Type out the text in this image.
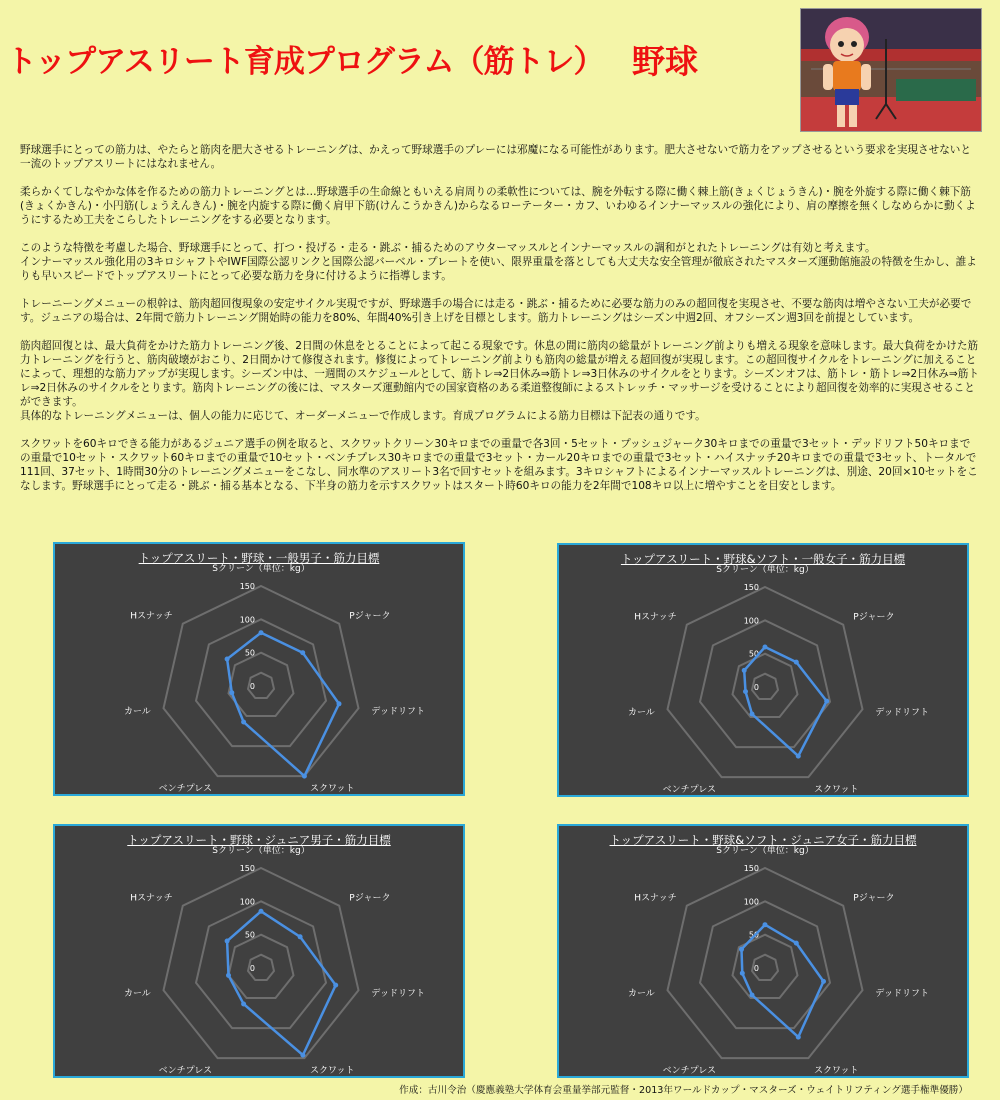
トップアスリート育成プログラム（筋トレ） 野球

野球選手にとっての筋力は、やたらと筋肉を肥大させるトレーニングは、かえって野球選手のプレーには邪魔になる可能性があります。肥大させないで筋力をアップさせるという要求を実現させないと一流のトップアスリートにはなれません。

柔らかくてしなやかな体を作るための筋力トレーニングとは…野球選手の生命線ともいえる肩周りの柔軟性については、腕を外転する際に働く棘上筋(きょくじょうきん)・腕を外旋する際に働く棘下筋(きょくかきん)・小円筋(しょうえんきん)・腕を内旋する際に働く肩甲下筋(けんこうかきん)からなるローテーター・カフ、いわゆるインナーマッスルの強化により、肩の摩擦を無くしなめらかに動くようにするため工夫をこらしたトレーニングをする必要となります。

このような特徴を考慮した場合、野球選手にとって、打つ・投げる・走る・跳ぶ・捕るためのアウターマッスルとインナーマッスルの調和がとれたトレーニングは有効と考えます。

インナーマッスル強化用の3キロシャフトやIWF国際公認リンクと国際公認バーベル・プレートを使い、限界重量を落としても大丈夫な安全管理が徹底されたマスターズ運動館施設の特徴を生かし、誰よりも早いスピードでトップアスリートにとって必要な筋力を身に付けるように指導します。

トレーニーングメニューの根幹は、筋肉超回復現象の安定サイクル実現ですが、野球選手の場合には走る・跳ぶ・捕るために必要な筋力のみの超回復を実現させ、不要な筋肉は増やさない工夫が必要です。ジュニアの場合は、2年間で筋力トレーニング開始時の能力を80%、年間40%引き上げを目標とします。筋力トレーニングはシーズン中週2回、オフシーズン週3回を前提としています。

筋肉超回復とは、最大負荷をかけた筋力トレーニング後、2日間の休息をとることによって起こる現象です。休息の間に筋肉の総量がトレーニング前よりも増える現象を意味します。最大負荷をかけた筋力トレーニングを行うと、筋肉破壊がおこり、2日間かけて修復されます。修復によってトレーニング前よりも筋肉の総量が増える超回復が実現します。この超回復サイクルをトレーニングに加えることによって、理想的な筋力アップが実現します。シーズン中は、一週間のスケジュールとして、筋トレ⇒2日休み⇒筋トレ⇒3日休みのサイクルをとります。シーズンオフは、筋トレ・筋トレ⇒2日休み⇒筋トレ⇒2日休みのサイクルをとります。筋肉トレーニングの後には、マスターズ運動館内での国家資格のある柔道整復師によるストレッチ・マッサージを受けることにより超回復を効率的に実現させることができます。

具体的なトレーニングメニューは、個人の能力に応じて、オーダーメニューで作成します。育成プログラムによる筋力目標は下記表の通りです。

スクワットを60キロできる能力があるジュニア選手の例を取ると、スクワットクリーン30キロまでの重量で各3回・5セット・プッシュジャーク30キロまでの重量で3セット・デッドリフト50キロまでの重量で10セット・スクワット60キロまでの重量で10セット・ベンチプレス30キロまでの重量で3セット・カール20キロまでの重量で3セット・ハイスナッチ20キロまでの重量で3セット、トータルで111回、37セット、1時間30分のトレーニングメニューをこなし、同水準のアスリート3名で回すセットを組みます。3キロシャフトによるインナーマッスルトレーニングは、別途、20回×10セットをこなします。野球選手にとって走る・跳ぶ・捕る基本となる、下半身の筋力を示すスクワットはスタート時60キロの能力を2年間で108キロ以上に増やすことを目安とします。

トップアスリート・野球・一般男子・筋力目標
0
50
100
150
Sクリーン（単位：kg）
Pジャーク
デッドリフト
スクワット
ベンチプレス
カール
Hスナッチ
トップアスリート・野球&ソフト・一般女子・筋力目標
0
50
100
150
Sクリーン（単位：kg）
Pジャーク
デッドリフト
スクワット
ベンチプレス
カール
Hスナッチ
トップアスリート・野球・ジュニア男子・筋力目標
0
50
100
150
Sクリーン（単位：kg）
Pジャーク
デッドリフト
スクワット
ベンチプレス
カール
Hスナッチ
トップアスリート・野球&ソフト・ジュニア女子・筋力目標
0
50
100
150
Sクリーン（単位：kg）
Pジャーク
デッドリフト
スクワット
ベンチプレス
カール
Hスナッチ
作成：古川令治（慶應義塾大学体育会重量挙部元監督・2013年ワールドカップ・マスターズ・ウェイトリフティング選手権準優勝）
